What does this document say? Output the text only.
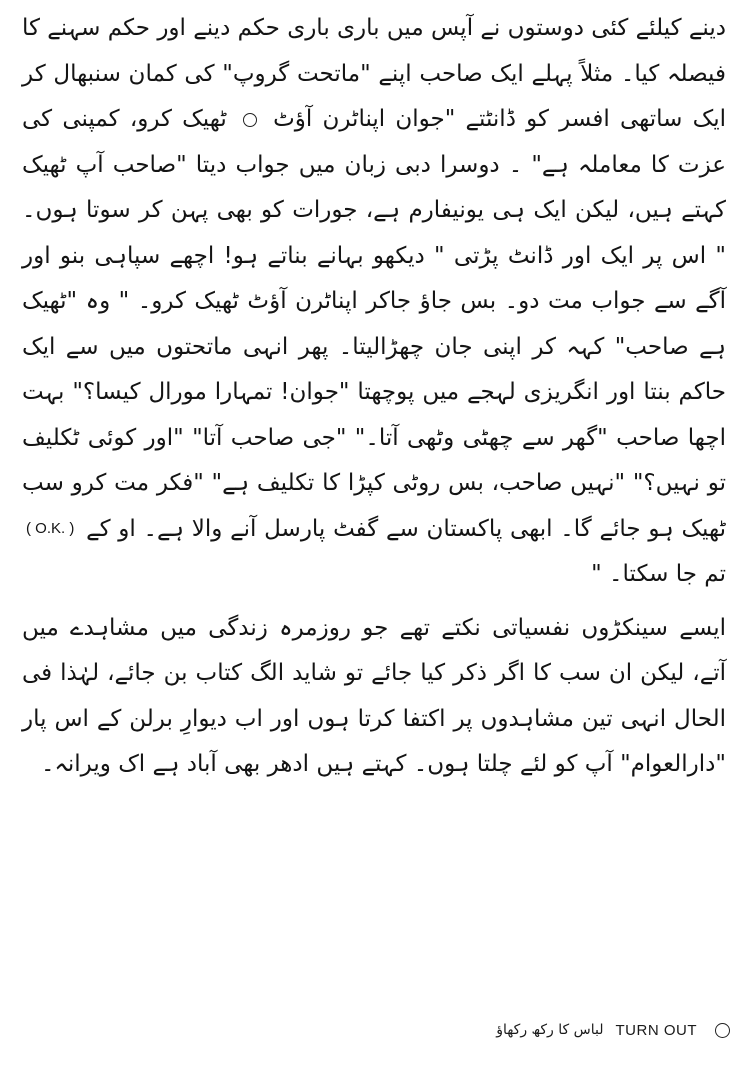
دینے کیلئے کئی دوستوں نے آپس میں باری باری حکم دینے اور حکم سہنے کا فیصلہ کیا۔ مثلاً پہلے ایک صاحب اپنے "ماتحت گروپ" کی کمان سنبھال کر ایک ساتھی افسر کو ڈانٹتے "جوان اپناٹرن آؤٹ  ٹھیک کرو، کمپنی کی عزت کا معاملہ ہے" ۔ دوسرا دبی زبان میں جواب دیتا "صاحب آپ ٹھیک کہتے ہیں، لیکن ایک ہی یونیفارم ہے، جورات کو بھی پہن کر سوتا ہوں۔ " اس پر ایک اور ڈانٹ پڑتی " دیکھو بہانے بناتے ہو! اچھے سپاہی بنو اور آگے سے جواب مت دو۔ بس جاؤ جاکر اپناٹرن آؤٹ ٹھیک کرو۔ " وہ "ٹھیک ہے صاحب" کہہ کر اپنی جان چھڑالیتا۔ پھر انہی ماتحتوں میں سے ایک حاکم بنتا اور انگریزی لہجے میں پوچھتا "جوان! تمہارا مورال کیسا؟" بہت اچھا صاحب "گھر سے چھٹی وٹھی آتا۔" "جی صاحب آتا" "اور کوئی ٹکلیف تو نہیں؟" "نہیں صاحب، بس روٹی کپڑا کا تکلیف ہے" "فکر مت کرو سب ٹھیک ہو جائے گا۔ ابھی پاکستان سے گفٹ پارسل آنے والا ہے۔ او کے ( O.K. ) تم جا سکتا۔ "

ایسے سینکڑوں نفسیاتی نکتے تھے جو روزمرہ زندگی میں مشاہدے میں آتے، لیکن ان سب کا اگر ذکر کیا جائے تو شاید الگ کتاب بن جائے، لہٰذا فی الحال انہی تین مشاہدوں پر اکتفا کرتا ہوں اور اب دیوارِ برلن کے اس پار "دارالعوام" آپ کو لئے چلتا ہوں۔ کہتے ہیں ادھر بھی آباد ہے اک ویرانہ۔

لباس کا رکھ رکھاؤ TURN OUT
